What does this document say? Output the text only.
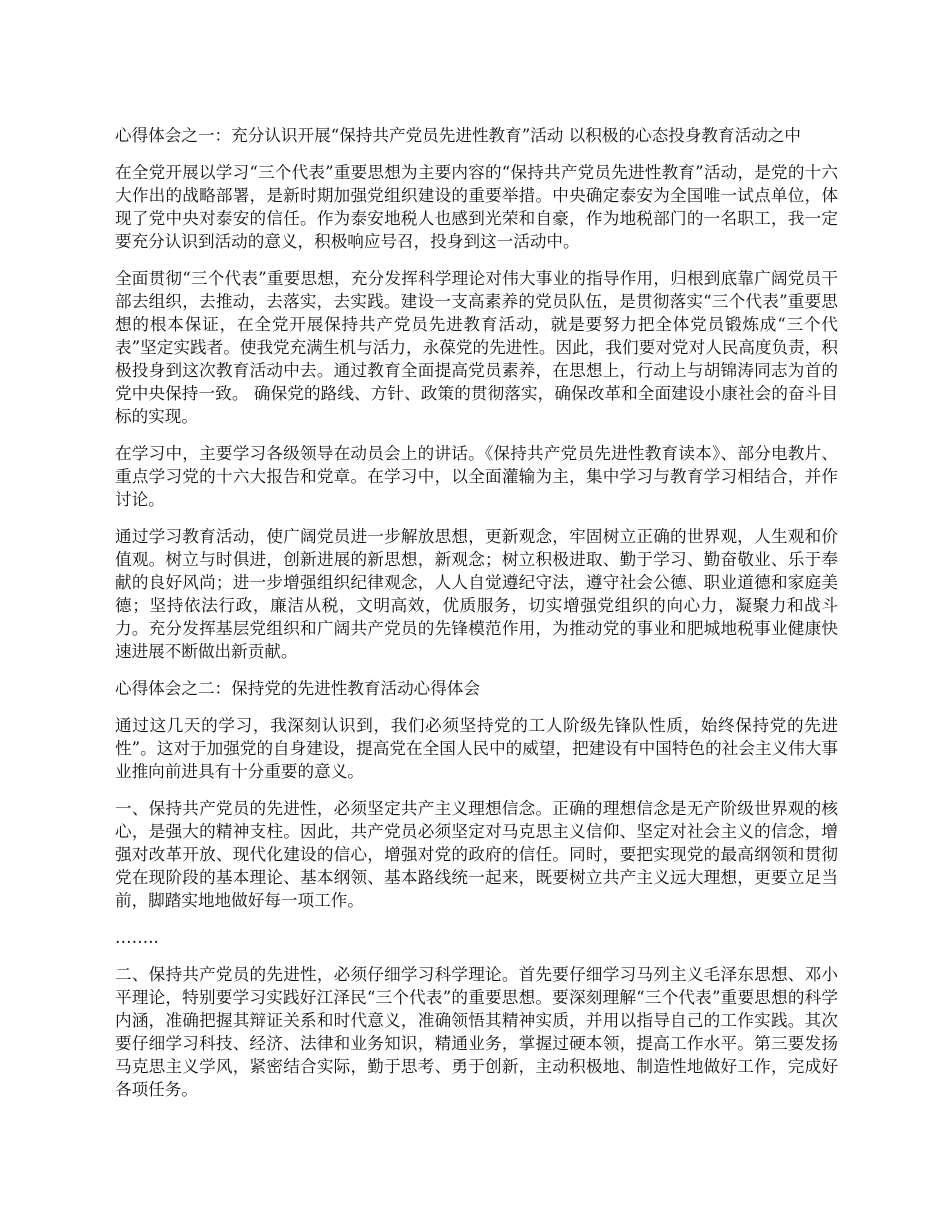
心得体会之一：充分认识开展“保持共产党员先进性教育”活动 以积极的心态投身教育活动之中

在全党开展以学习“三个代表”重要思想为主要内容的“保持共产党员先进性教育”活动，是党的十六大作出的战略部署，是新时期加强党组织建设的重要举措。中央确定泰安为全国唯一试点单位，体现了党中央对泰安的信任。作为泰安地税人也感到光荣和自豪，作为地税部门的一名职工，我一定要充分认识到活动的意义，积极响应号召，投身到这一活动中。

全面贯彻“三个代表”重要思想，充分发挥科学理论对伟大事业的指导作用，归根到底靠广阔党员干部去组织，去推动，去落实，去实践。建设一支高素养的党员队伍，是贯彻落实“三个代表”重要思想的根本保证，在全党开展保持共产党员先进教育活动，就是要努力把全体党员锻炼成“三个代表”坚定实践者。使我党充满生机与活力，永葆党的先进性。因此，我们要对党对人民高度负责，积极投身到这次教育活动中去。通过教育全面提高党员素养，在思想上，行动上与胡锦涛同志为首的党中央保持一致。 确保党的路线、方针、政策的贯彻落实，确保改革和全面建设小康社会的奋斗目标的实现。

在学习中，主要学习各级领导在动员会上的讲话。《保持共产党员先进性教育读本》、部分电教片、重点学习党的十六大报告和党章。在学习中，以全面灌输为主，集中学习与教育学习相结合，并作讨论。

通过学习教育活动，使广阔党员进一步解放思想，更新观念，牢固树立正确的世界观，人生观和价值观。树立与时俱进，创新进展的新思想，新观念；树立积极进取、勤于学习、勤奋敬业、乐于奉献的良好风尚；进一步增强组织纪律观念，人人自觉遵纪守法，遵守社会公德、职业道德和家庭美德；坚持依法行政，廉洁从税，文明高效，优质服务，切实增强党组织的向心力，凝聚力和战斗力。充分发挥基层党组织和广阔共产党员的先锋模范作用，为推动党的事业和肥城地税事业健康快速进展不断做出新贡献。

心得体会之二：保持党的先进性教育活动心得体会

通过这几天的学习，我深刻认识到，我们必须坚持党的工人阶级先锋队性质，始终保持党的先进性”。这对于加强党的自身建设，提高党在全国人民中的威望，把建设有中国特色的社会主义伟大事业推向前进具有十分重要的意义。

一、保持共产党员的先进性，必须坚定共产主义理想信念。正确的理想信念是无产阶级世界观的核心，是强大的精神支柱。因此，共产党员必须坚定对马克思主义信仰、坚定对社会主义的信念，增强对改革开放、现代化建设的信心，增强对党的政府的信任。同时，要把实现党的最高纲领和贯彻党在现阶段的基本理论、基本纲领、基本路线统一起来，既要树立共产主义远大理想，更要立足当前，脚踏实地地做好每一项工作。

……..

二、保持共产党员的先进性，必须仔细学习科学理论。首先要仔细学习马列主义毛泽东思想、邓小平理论，特别要学习实践好江泽民“三个代表”的重要思想。要深刻理解“三个代表”重要思想的科学内涵，准确把握其辩证关系和时代意义，准确领悟其精神实质，并用以指导自己的工作实践。其次要仔细学习科技、经济、法律和业务知识，精通业务，掌握过硬本领，提高工作水平。第三要发扬马克思主义学风，紧密结合实际，勤于思考、勇于创新，主动积极地、制造性地做好工作，完成好各项任务。
